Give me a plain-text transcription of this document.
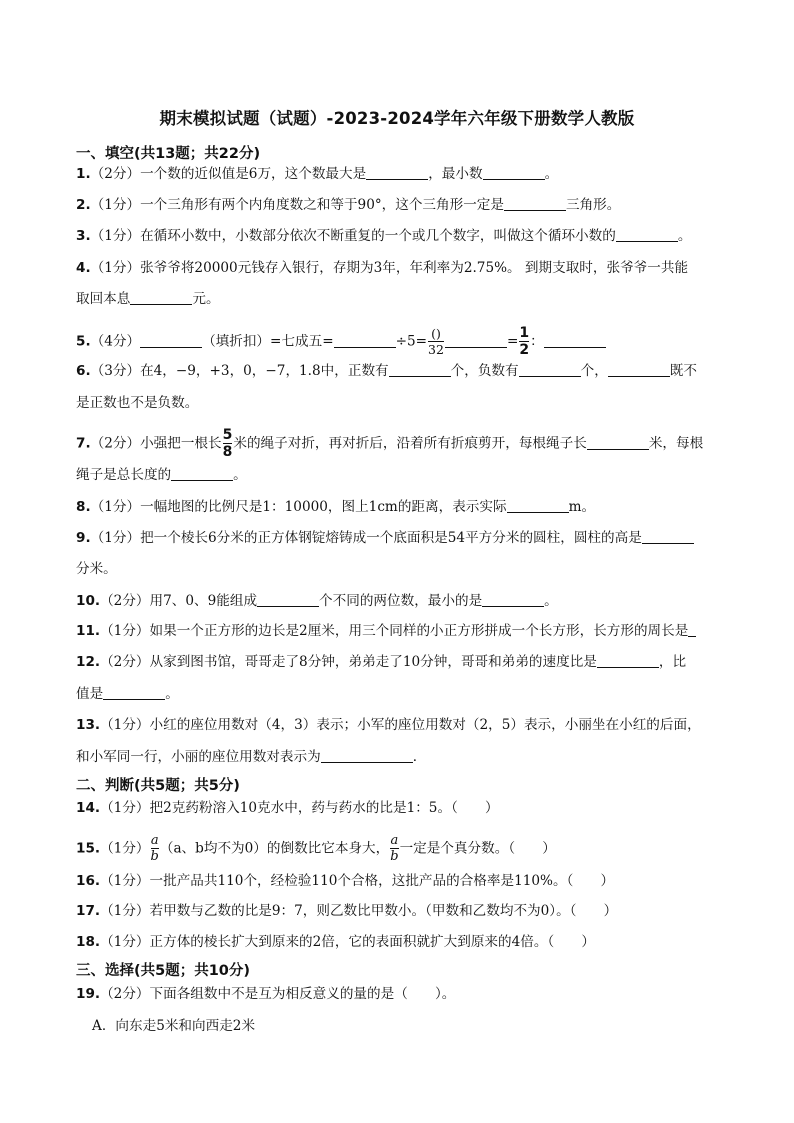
期末模拟试题（试题）-2023-2024学年六年级下册数学人教版
一、填空(共13题；共22分)
1.（2分）一个数的近似值是6万，这个数最大是	，最小数	。
2.（1分）一个三角形有两个内角度数之和等于90°，这个三角形一定是	三角形。
3.（1分）在循环小数中，小数部分依次不断重复的一个或几个数字，叫做这个循环小数的	。
4.（1分）张爷爷将20000元钱存入银行，存期为3年，年利率为2.75%。 到期支取时，张爷爷一共能
取回本息	元。
5.（4分）	（填折扣）=七成五=	$\div 5= \frac{()}{32}$	= $\frac{1}{2}$ ：
6.（3分）在4，−9，+3，0，−7，1.8中，正数有	个，负数有	个，	既不
是正数也不是负数。
7.（2分）小强把一根长 $\frac{5}{8}$ 米的绳子对折，再对折后，沿着所有折痕剪开，每根绳子长	米，每根
绳子是总长度的	。
8.（1分）一幅地图的比例尺是1：10000，图上1cm的距离，表示实际	m。
9.（1分）把一个棱长6分米的正方体钢锭熔铸成一个底面积是54平方分米的圆柱，圆柱的高是
分米。
10.（2分）用7、0、9能组成	个不同的两位数，最小的是	。
11.（1分）如果一个正方形的边长是2厘米，用三个同样的小正方形拼成一个长方形，长方形的周长是
12.（2分）从家到图书馆，哥哥走了8分钟，弟弟走了10分钟，哥哥和弟弟的速度比是	，比
值是	。
13.（1分）小红的座位用数对（4，3）表示；小军的座位用数对（2，5）表示，小丽坐在小红的后面，
和小军同一行，小丽的座位用数对表示为	．
二、判断(共5题；共5分)
14.（1分）把2克药粉溶入10克水中，药与药水的比是1：5。（　　）
15.（1分） $\frac{a}{b} (a$、b均不为0）的倒数比它本身大， $\frac{a}{b}$ 一定是个真分数。（　　）
16.（1分）一批产品共110个，经检验110个合格，这批产品的合格率是110%。（　　）
17.（1分）若甲数与乙数的比是9：7，则乙数比甲数小。（甲数和乙数均不为0）。（　　）
18.（1分）正方体的棱长扩大到原来的2倍，它的表面积就扩大到原来的4倍。（　　）
三、选择(共5题；共10分)
19.（2分）下面各组数中不是互为相反意义的量的是（　　）。
A．向东走5米和向西走2米
